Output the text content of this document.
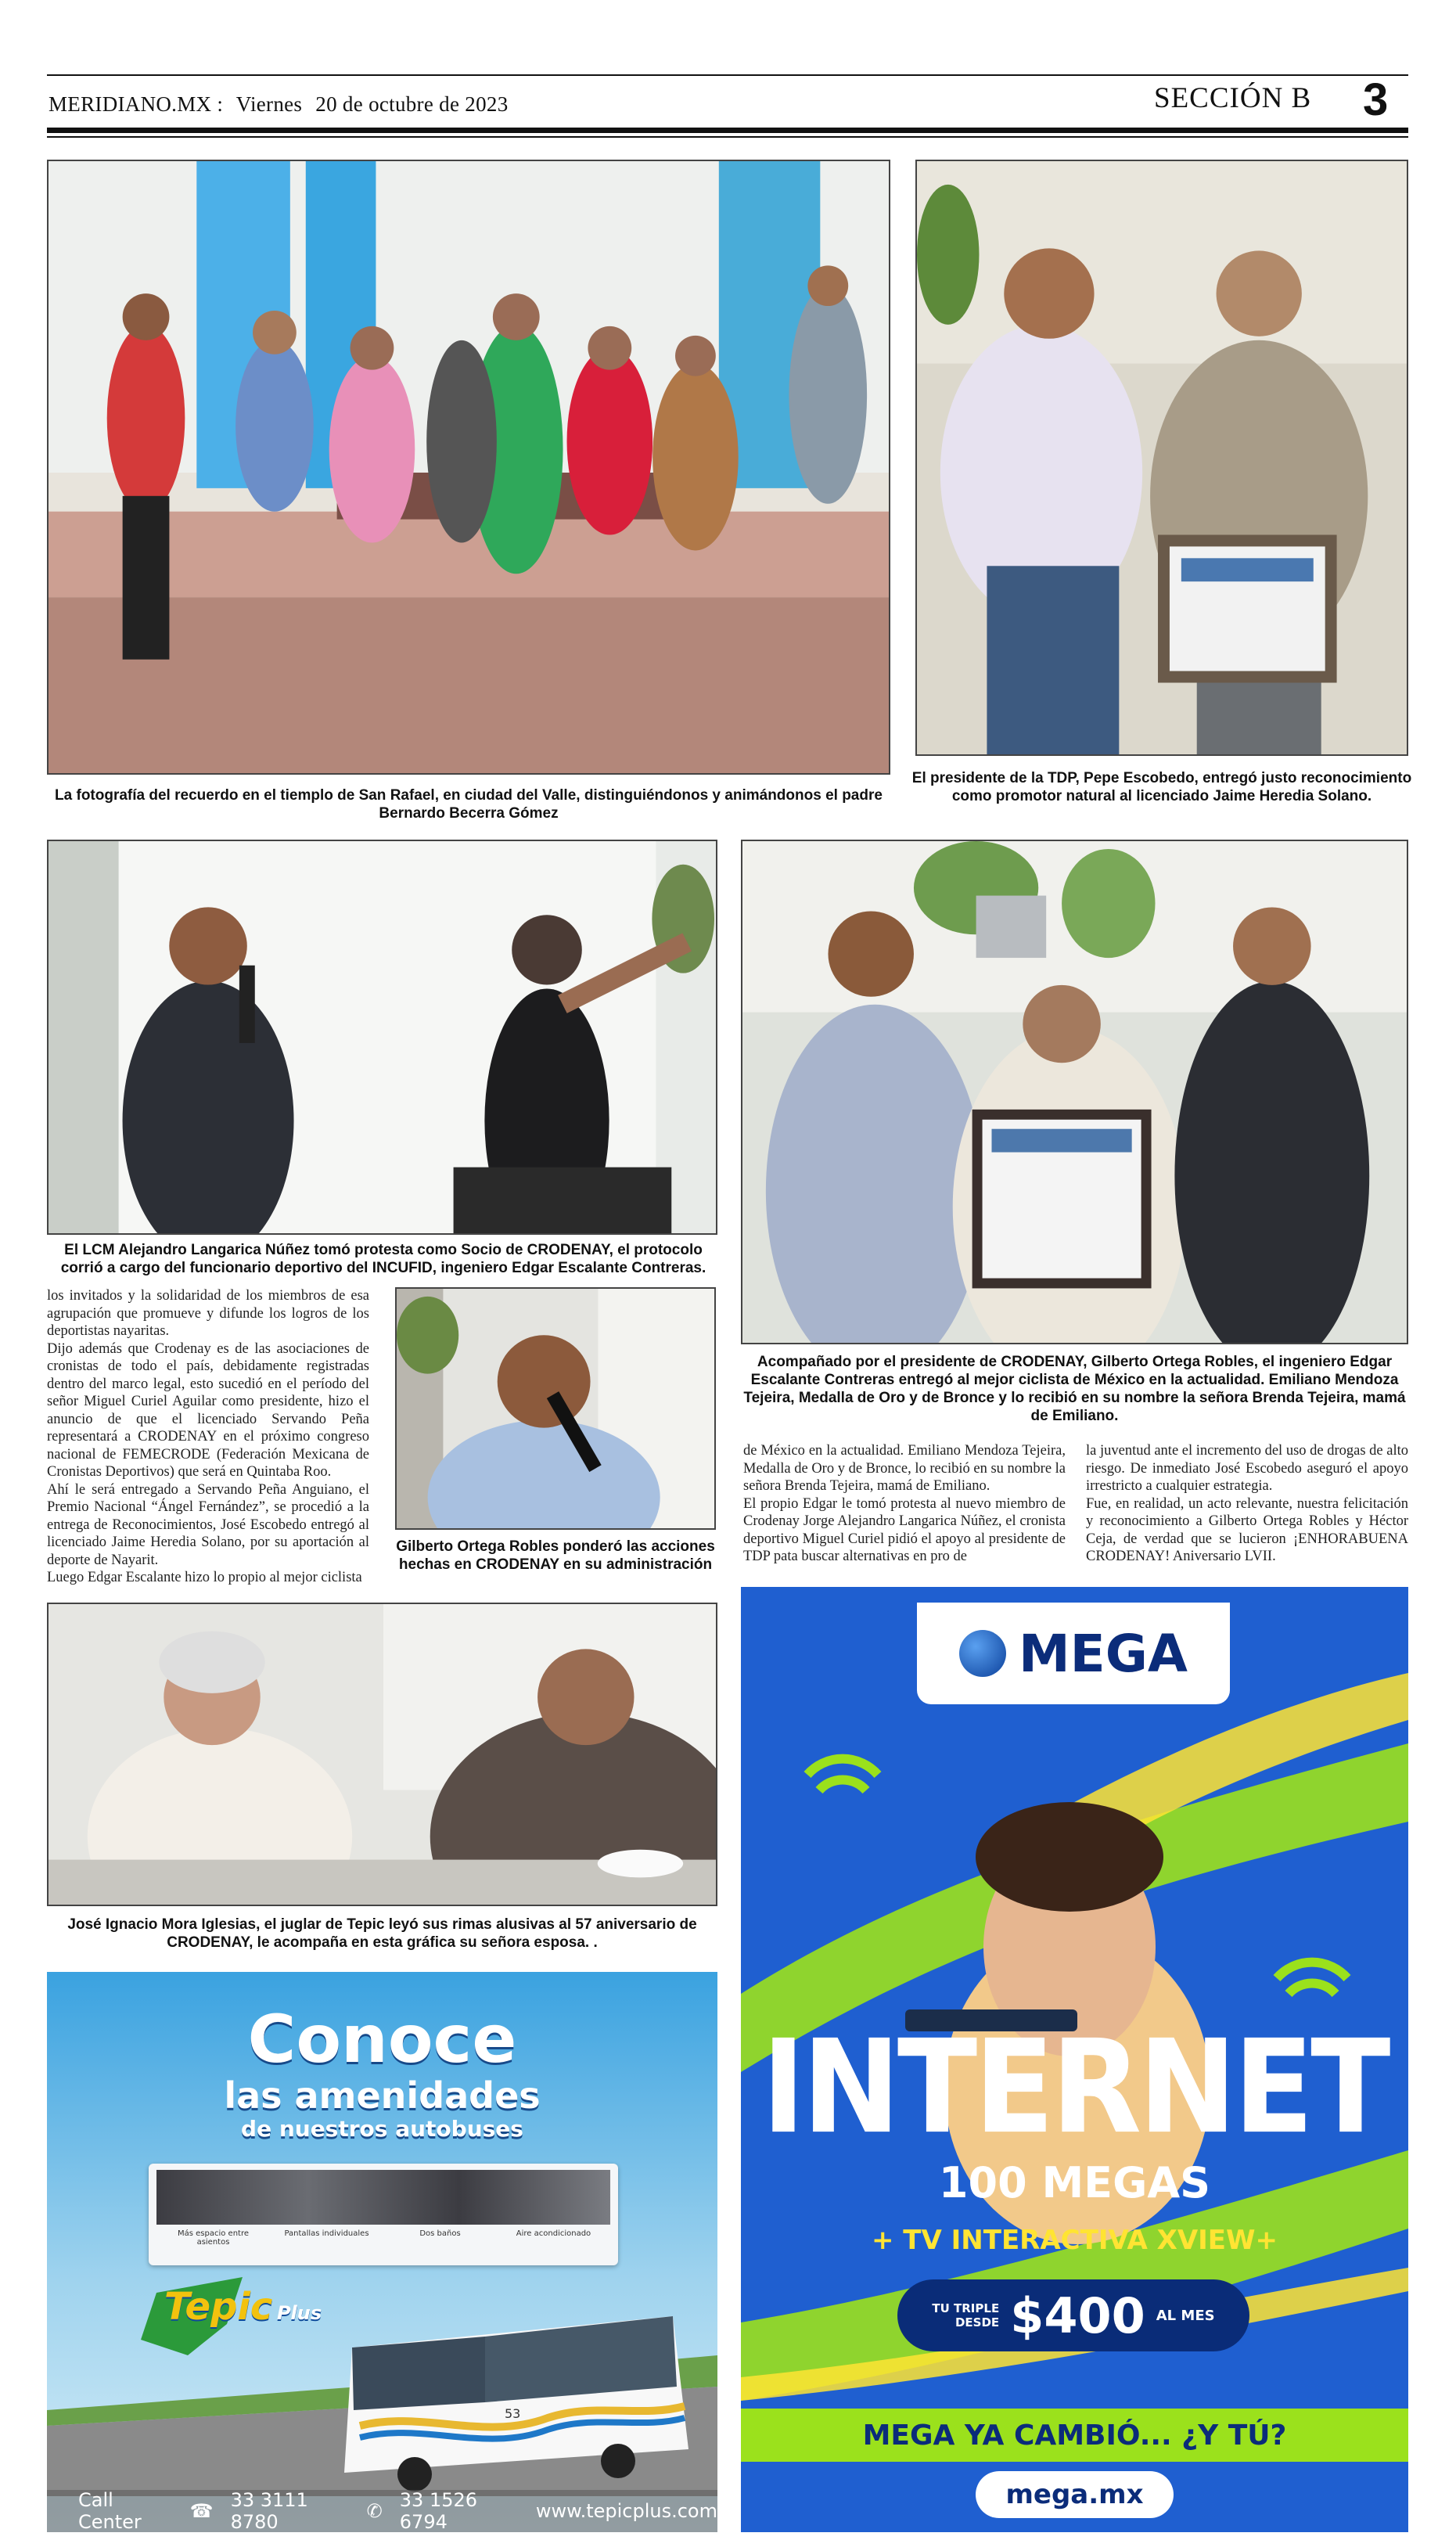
MERIDIANO.MX : Viernes 20 de octubre de 2023	SECCIÓN B 3
La fotografía del recuerdo en el tiemplo de San Rafael, en ciudad del Valle, distinguiéndonos y animándonos el padre Bernardo Becerra Gómez
El presidente de la TDP, Pepe Escobedo, entregó justo reconocimiento como promotor natural al licenciado Jaime Heredia Solano.
El LCM Alejandro Langarica Núñez tomó protesta como Socio de CRODENAY, el protocolo corrió a cargo del funcionario deportivo del INCUFID, ingeniero Edgar Escalante Contreras.
Acompañado por el presidente de CRODENAY, Gilberto Ortega Robles, el ingeniero Edgar Escalante Contreras entregó al mejor ciclista de México en la actualidad. Emiliano Mendoza Tejeira, Medalla de Oro y de Bronce y lo recibió en su nombre la señora Brenda Tejeira, mamá de Emiliano.

los invitados y la solidaridad de los miembros de esa agrupación que promueve y difunde los logros de los deportistas nayaritas.

Dijo además que Crodenay es de las asociaciones de cronistas de todo el país, debidamente registradas dentro del marco legal, esto sucedió en el período del señor Miguel Curiel Aguilar como presidente, hizo el anuncio de que el licenciado Servando Peña representará a CRODENAY en el próximo congreso nacional de FEMECRODE (Federación Mexicana de Cronistas Deportivos) que será en Quintaba Roo.

Ahí le será entregado a Servando Peña Anguiano, el Premio Nacional “Ángel Fernández”, se procedió a la entrega de Reconocimientos, José Escobedo entregó al licenciado Jaime Heredia Solano, por su aportación al deporte de Nayarit.

Luego Edgar Escalante hizo lo propio al mejor ciclista

Gilberto Ortega Robles ponderó las acciones hechas en CRODENAY en su administración

de México en la actualidad. Emiliano Mendoza Tejeira, Medalla de Oro y de Bronce, lo recibió en su nombre la señora Brenda Tejeira, mamá de Emiliano.

El propio Edgar le tomó protesta al nuevo miembro de Crodenay Jorge Alejandro Langarica Núñez, el cronista deportivo Miguel Curiel pidió el apoyo al presidente de TDP pata buscar alternativas en pro de

la juventud ante el incremento del uso de drogas de alto riesgo. De inmediato José Escobedo aseguró el apoyo irrestricto a cualquier estrategia.

Fue, en realidad, un acto relevante, nuestra felicitación y reconocimiento a Gilberto Ortega Robles y Héctor Ceja, de verdad que se lucieron ¡ENHORABUENA CRODENAY! Aniversario LVII.

José Ignacio Mora Iglesias, el juglar de Tepic leyó sus rimas alusivas al 57 aniversario de CRODENAY, le acompaña en esta gráfica su señora esposa. .
Conoce
las amenidades
de nuestros autobuses
Más espacio entre asientos
Pantallas individuales	Dos baños	Aire acondicionado
Tepic Plus
53
Call Center	☎ 33 3111 8780	✆ 33 1526 6794	www.tepicplus.com
MEGA
INTERNET
100 MEGAS
+ TV INTERACTIVA XVIEW+
TU TRIPLE
DESDE $400 AL MES
MEGA YA CAMBIÓ... ¿Y TÚ?
mega.mx
